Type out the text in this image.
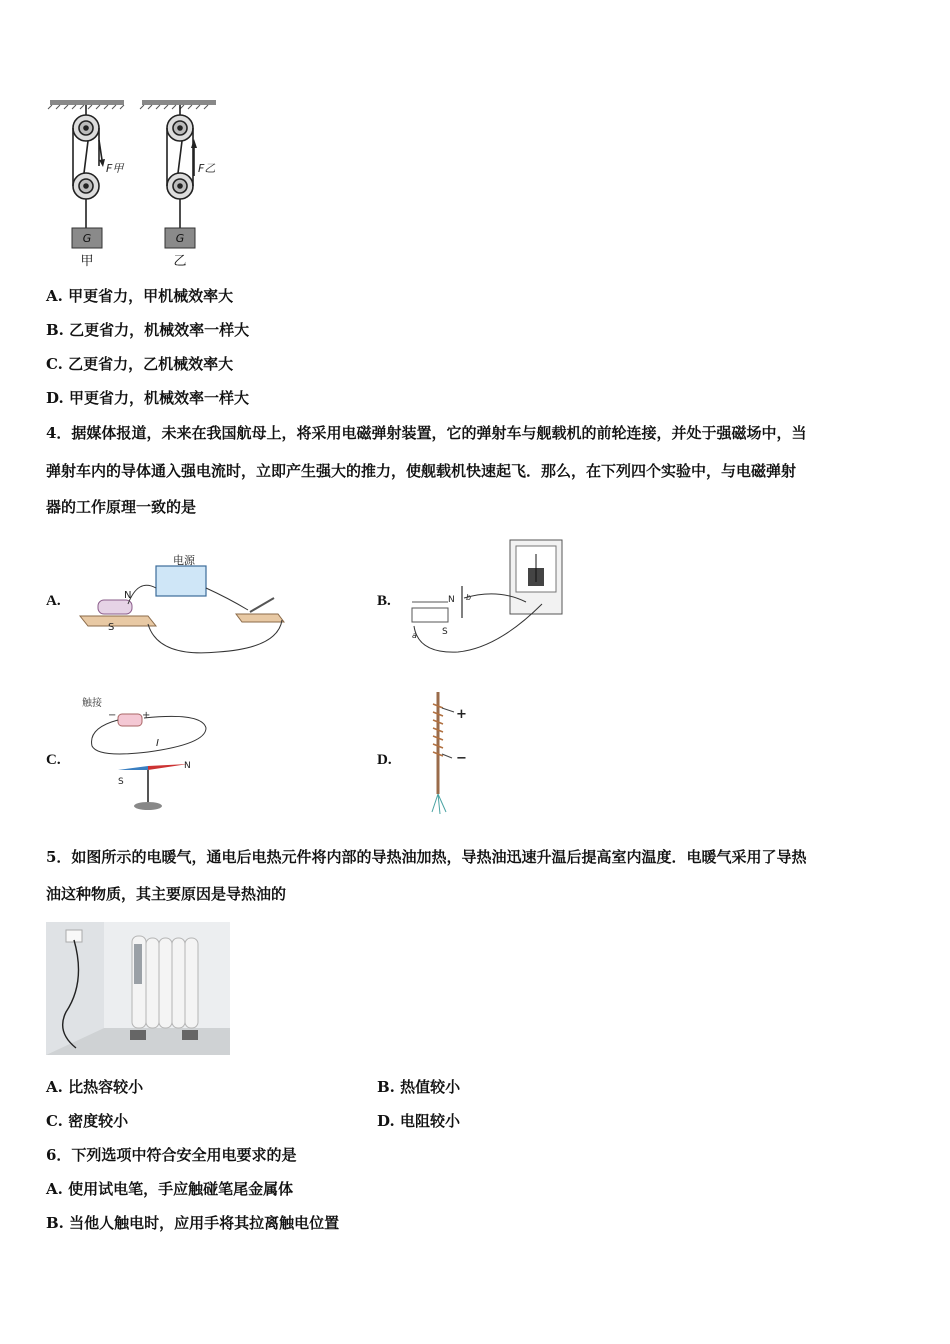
F甲
G
甲
F乙
G
乙
A. 甲更省力，甲机械效率大
B. 乙更省力，机械效率一样大
C. 乙更省力，乙机械效率大
D. 甲更省力，机械效率一样大
4．据媒体报道，未来在我国航母上，将采用电磁弹射装置，它的弹射车与舰载机的前轮连接，并处于强磁场中，当
弹射车内的导体通入强电流时，立即产生强大的推力，使舰载机快速起飞．那么，在下列四个实验中，与电磁弹射
器的工作原理一致的是
A.
电源
N
S
B.	N
S
b
a
C.
触接
−	+
I
S
N	D.
+
−
5．如图所示的电暖气，通电后电热元件将内部的导热油加热，导热油迅速升温后提高室内温度．电暖气采用了导热
油这种物质，其主要原因是导热油的
A. 比热容较小	B. 热值较小
C. 密度较小	D. 电阻较小
6．下列选项中符合安全用电要求的是
A. 使用试电笔，手应触碰笔尾金属体
B. 当他人触电时，应用手将其拉离触电位置
